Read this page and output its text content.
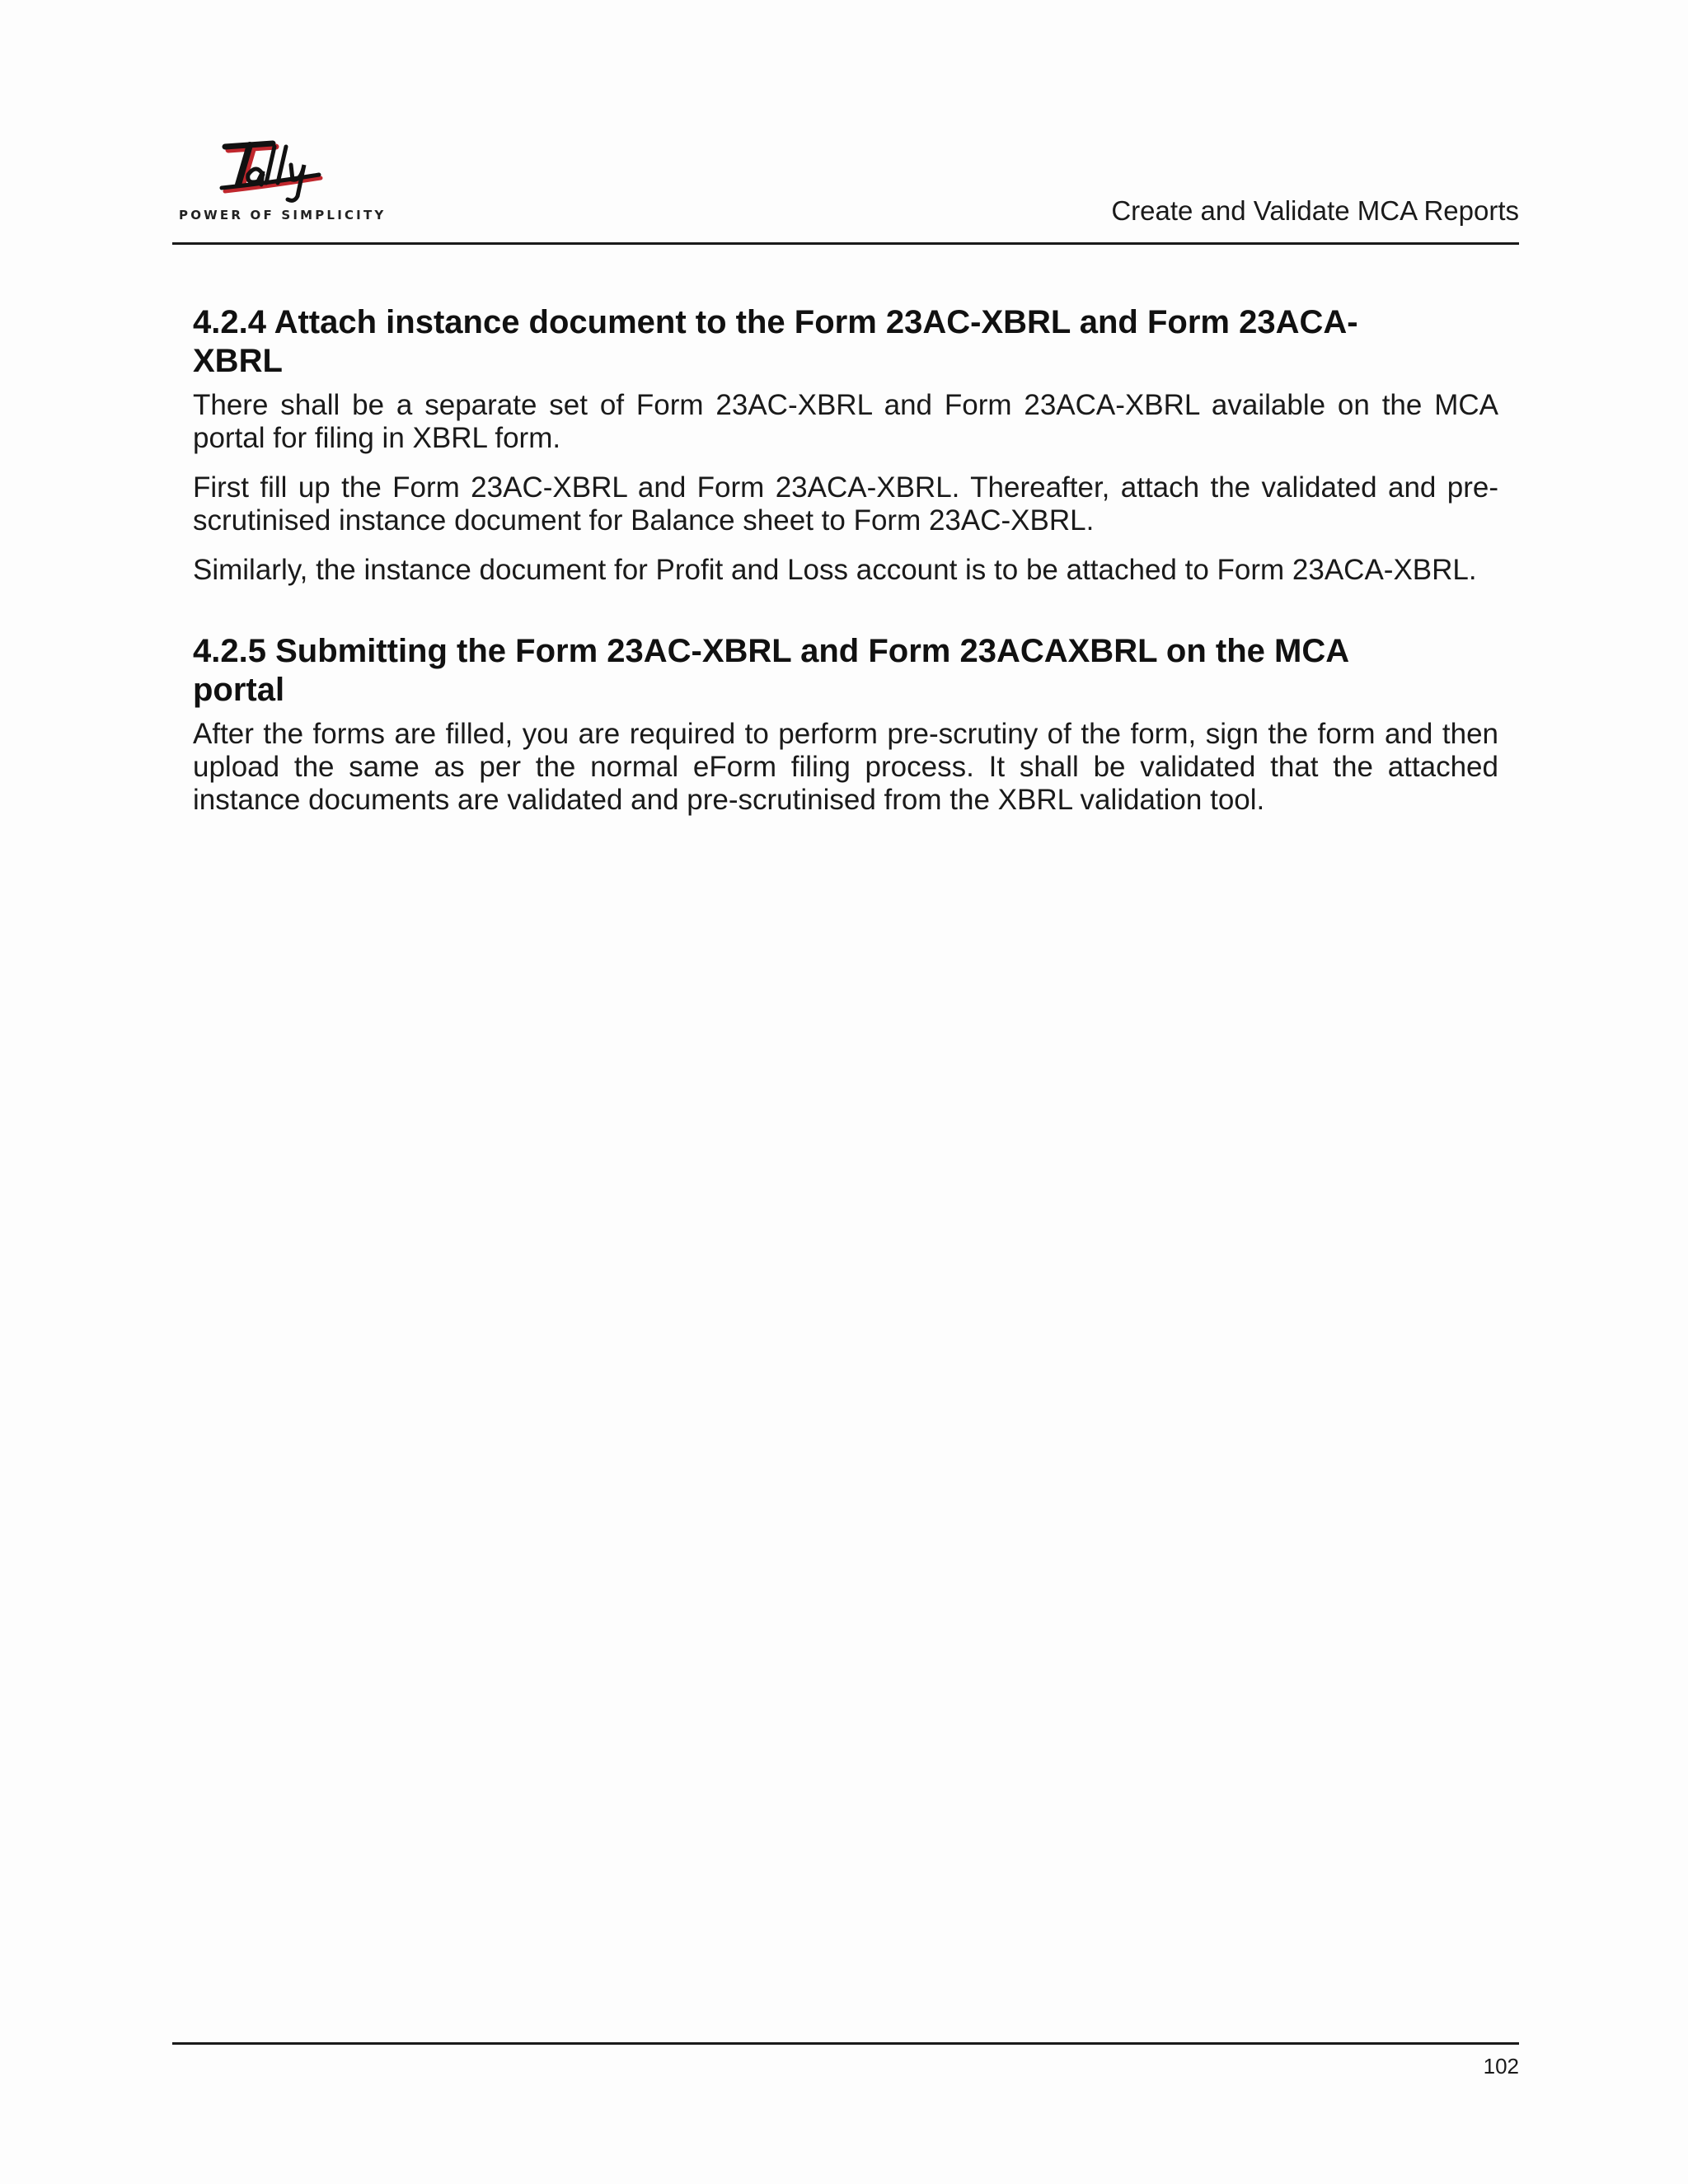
POWER OF SIMPLICITY	Create and Validate MCA Reports
4.2.4 Attach instance document to the Form 23AC-XBRL and Form 23ACA-XBRL

There shall be a separate set of Form 23AC-XBRL and Form 23ACA-XBRL available on the MCA portal for filing in XBRL form.

First fill up the Form 23AC-XBRL and Form 23ACA-XBRL. Thereafter, attach the validated and pre-scrutinised instance document for Balance sheet to Form 23AC-XBRL.

Similarly, the instance document for Profit and Loss account is to be attached to Form 23ACA-XBRL.

4.2.5 Submitting the Form 23AC-XBRL and Form 23ACAXBRL on the MCA portal

After the forms are filled, you are required to perform pre-scrutiny of the form, sign the form and then upload the same as per the normal eForm filing process. It shall be validated that the attached instance documents are validated and pre-scrutinised from the XBRL validation tool.

102
